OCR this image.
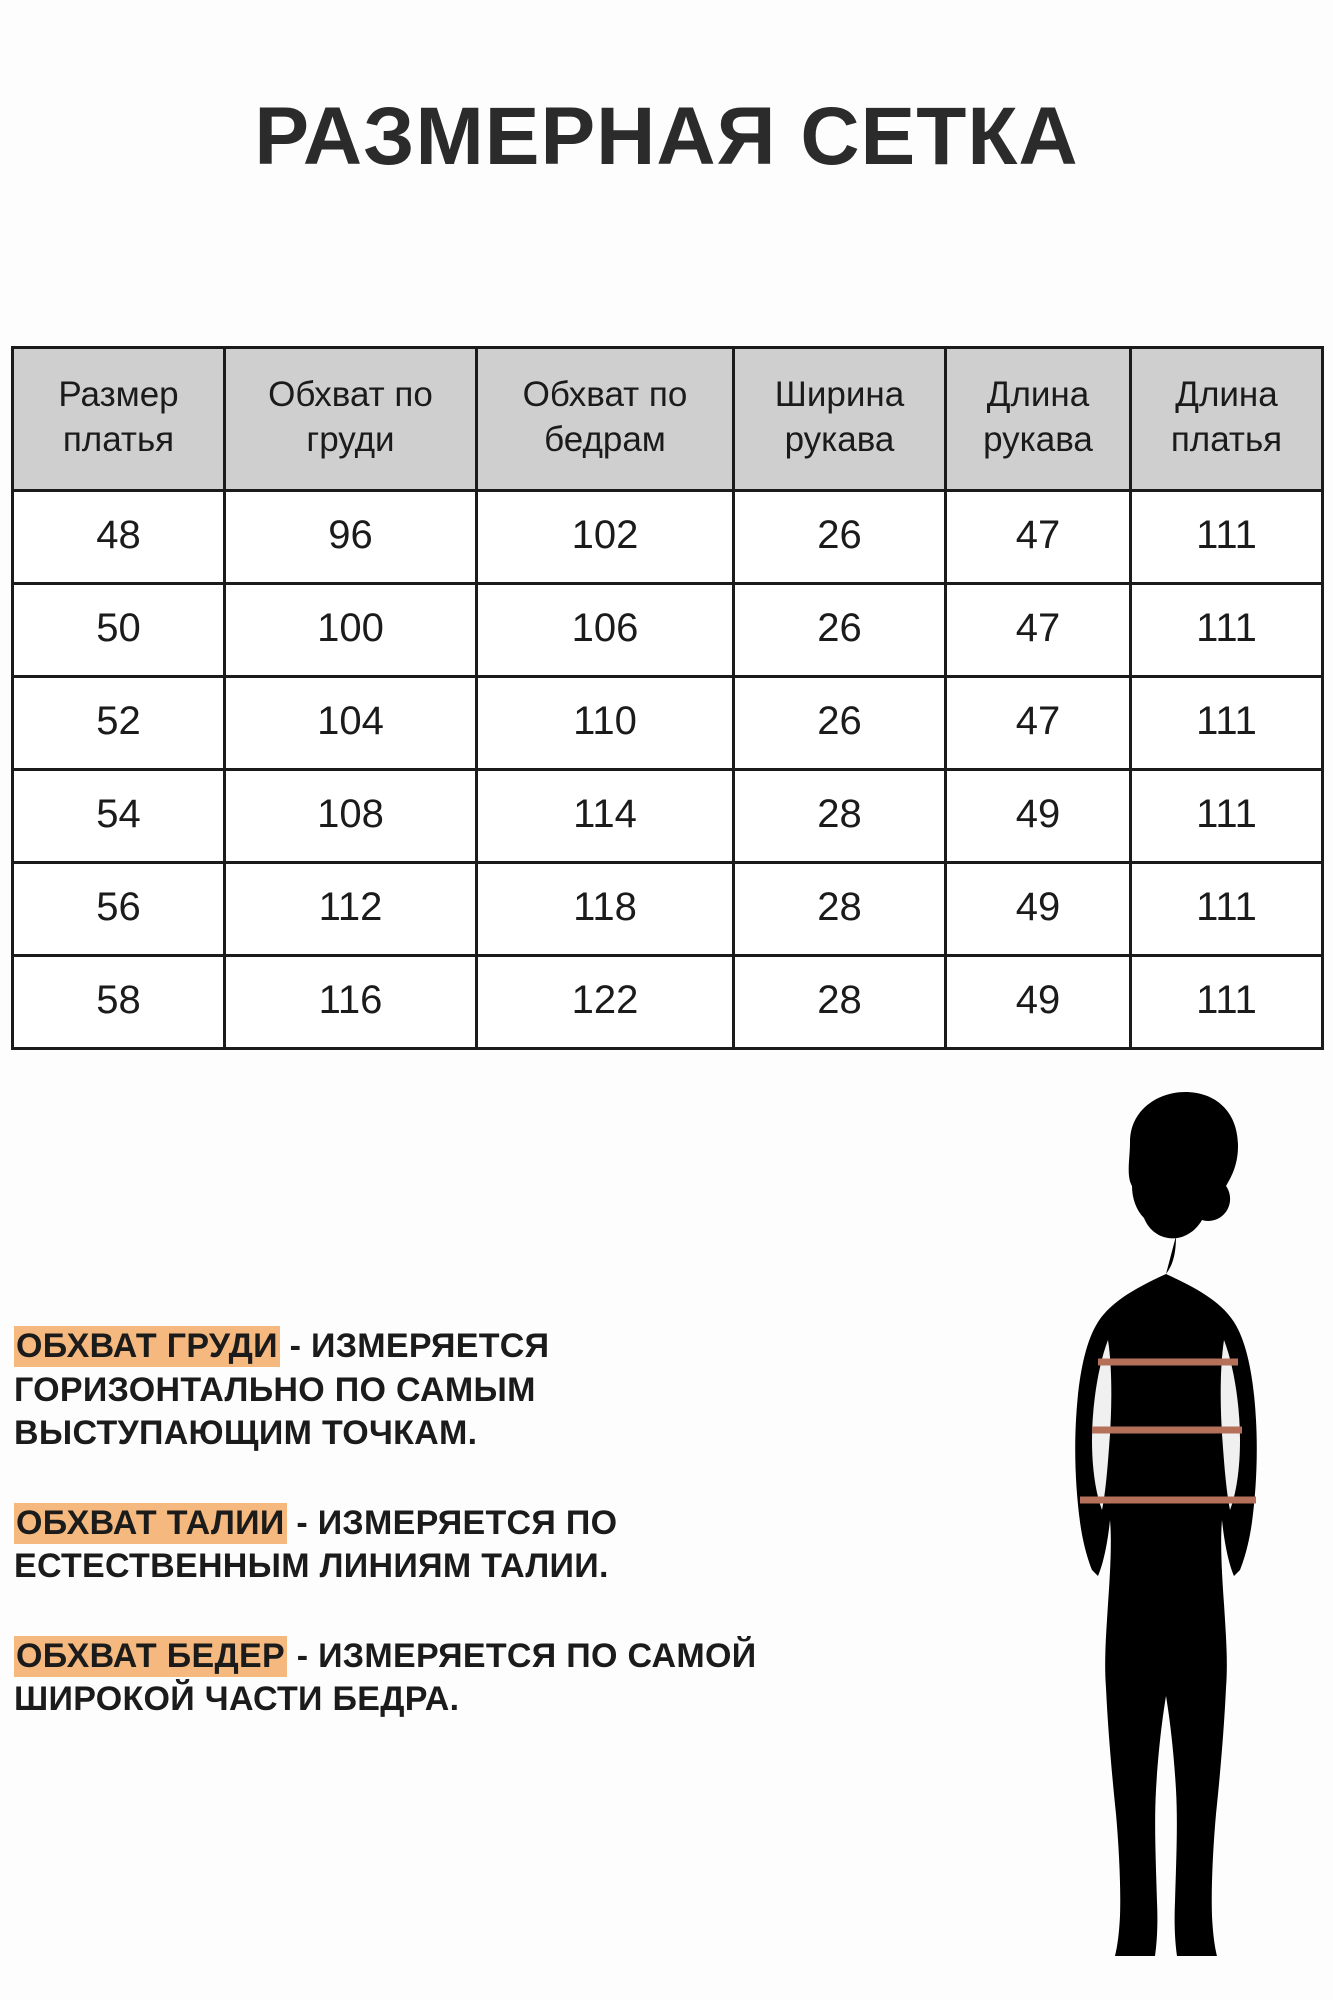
РАЗМЕРНАЯ СЕТКА
Размер платья	Обхват по груди	Обхват по бедрам	Ширина рукава	Длина рукава	Длина платья
48	96	102	26	47	111
50	100	106	26	47	111
52	104	110	26	47	111
54	108	114	28	49	111
56	112	118	28	49	111
58	116	122	28	49	111
ОБХВАТ ГРУДИ - ИЗМЕРЯЕТСЯ ГОРИЗОНТАЛЬНО ПО САМЫМ ВЫСТУПАЮЩИМ ТОЧКАМ.
ОБХВАТ ТАЛИИ - ИЗМЕРЯЕТСЯ ПО ЕСТЕСТВЕННЫМ ЛИНИЯМ ТАЛИИ.
ОБХВАТ БЕДЕР - ИЗМЕРЯЕТСЯ ПО САМОЙ ШИРОКОЙ ЧАСТИ БЕДРА.
